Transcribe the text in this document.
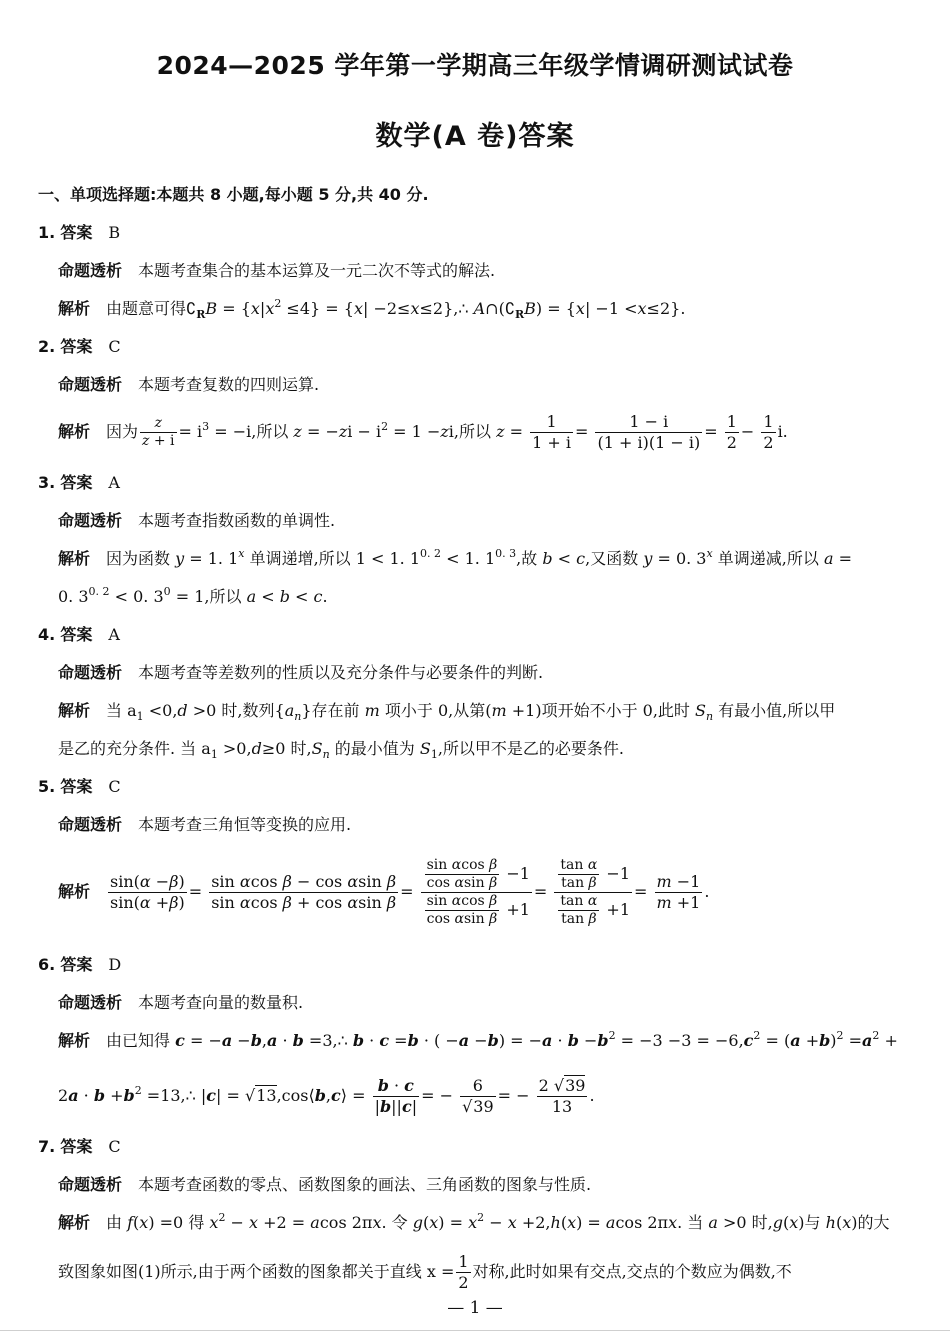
2024—2025 学年第一学期高三年级学情调研测试试卷
数学(A 卷)答案
一、单项选择题:本题共 8 小题,每小题 5 分,共 40 分.
1. 答案 B
命题透析 本题考查集合的基本运算及一元二次不等式的解法.
解析 由题意可得$∁_RB = \{x|x^2 \le 4\} = \{x|$ −2≤x≤2},∴ $A\cap(∁_RB) = \{x| -1 <x\le 2\}$.
2. 答案 C
命题透析 本题考查复数的四则运算.
解析 因为 $\frac{z}{z + i} = i^3 = -i$,所以 $z = -zi - i^2 = 1 -zi$,所以 $z = \frac{1}{1 + i} = \frac{1 - i}{(1 + i)(1 - i)} = \frac{1}{2} - \frac{1}{2} i$.
3. 答案 A
命题透析 本题考查指数函数的单调性.
解析 因为函数 y = 1. 1$^x$ 单调递增,所以 1 < 1. $1^{0. 2} < 1$. $1^{0. 3}$,故 b < c,又函数 y = 0. 3$^x$ 单调递减,所以 a =
0. $3^{0. 2} < 0$. $3^0 = 1$,所以 a < b < c.
4. 答案 A
命题透析 本题考查等差数列的性质以及充分条件与必要条件的判断.
解析 当 $a_1 <0,d >0$ 时,数列$\{a_n\}$存在前 m 项小于 0,从第(m +1)项开始不小于 0,此时 $S_n$ 有最小值,所以甲
是乙的充分条件. 当 $a_1 >0,d\ge 0$ 时$,S_n$ 的最小值为 $S_1$,所以甲不是乙的必要条件.
5. 答案 C
命题透析 本题考查三角恒等变换的应用.
解析 $\frac{\sin(\alpha -\beta)}{\sin(\alpha +\beta)} = \frac{\text{sin αcos β − cos αsin β}}{\text{sin αcos β + cos αsin β}} = \frac{\frac{\text{sin αcos β}}{\text{cos αsin β}} -1}{\frac{\text{sin αcos β}}{\text{cos αsin β}} +1} = \frac{\frac{\text{tan α}}{\text{tan β}} -1}{\frac{\text{tan α}}{\text{tan β}} +1} = \frac{m -1}{m +1}$ .
6. 答案 D
命题透析 本题考查向量的数量积.
解析 由已知得 c = −a −b,a · b =3,∴ b · c =b · ( $-a -b) = -a \cdot b -b^2 = -3 -3 = -6,c^2 = (a +b)^2 =a^2$ +
$2a \cdot b +b^2$ =13,∴ |c| = √13,cos⟨b,c⟩ = $\frac{b \cdot c}{|b||c|}$ = − $\frac{6}{√39}$ = − $\frac{2 √39}{13}$ .
7. 答案 C
命题透析 本题考查函数的零点、函数图象的画法、三角函数的图象与性质.
解析 由 f(x) =0 得 $x^2 - x +2 = acos$ 2πx. 令 $g(x) = x^2 - x +2,h(x) = acos$ 2πx. 当 a >0 时,g(x)与 h(x)的大
致图象如图(1)所示,由于两个函数的图象都关于直线 $x = \frac{1}{2}$ 对称,此时如果有交点,交点的个数应为偶数,不
— 1 —
